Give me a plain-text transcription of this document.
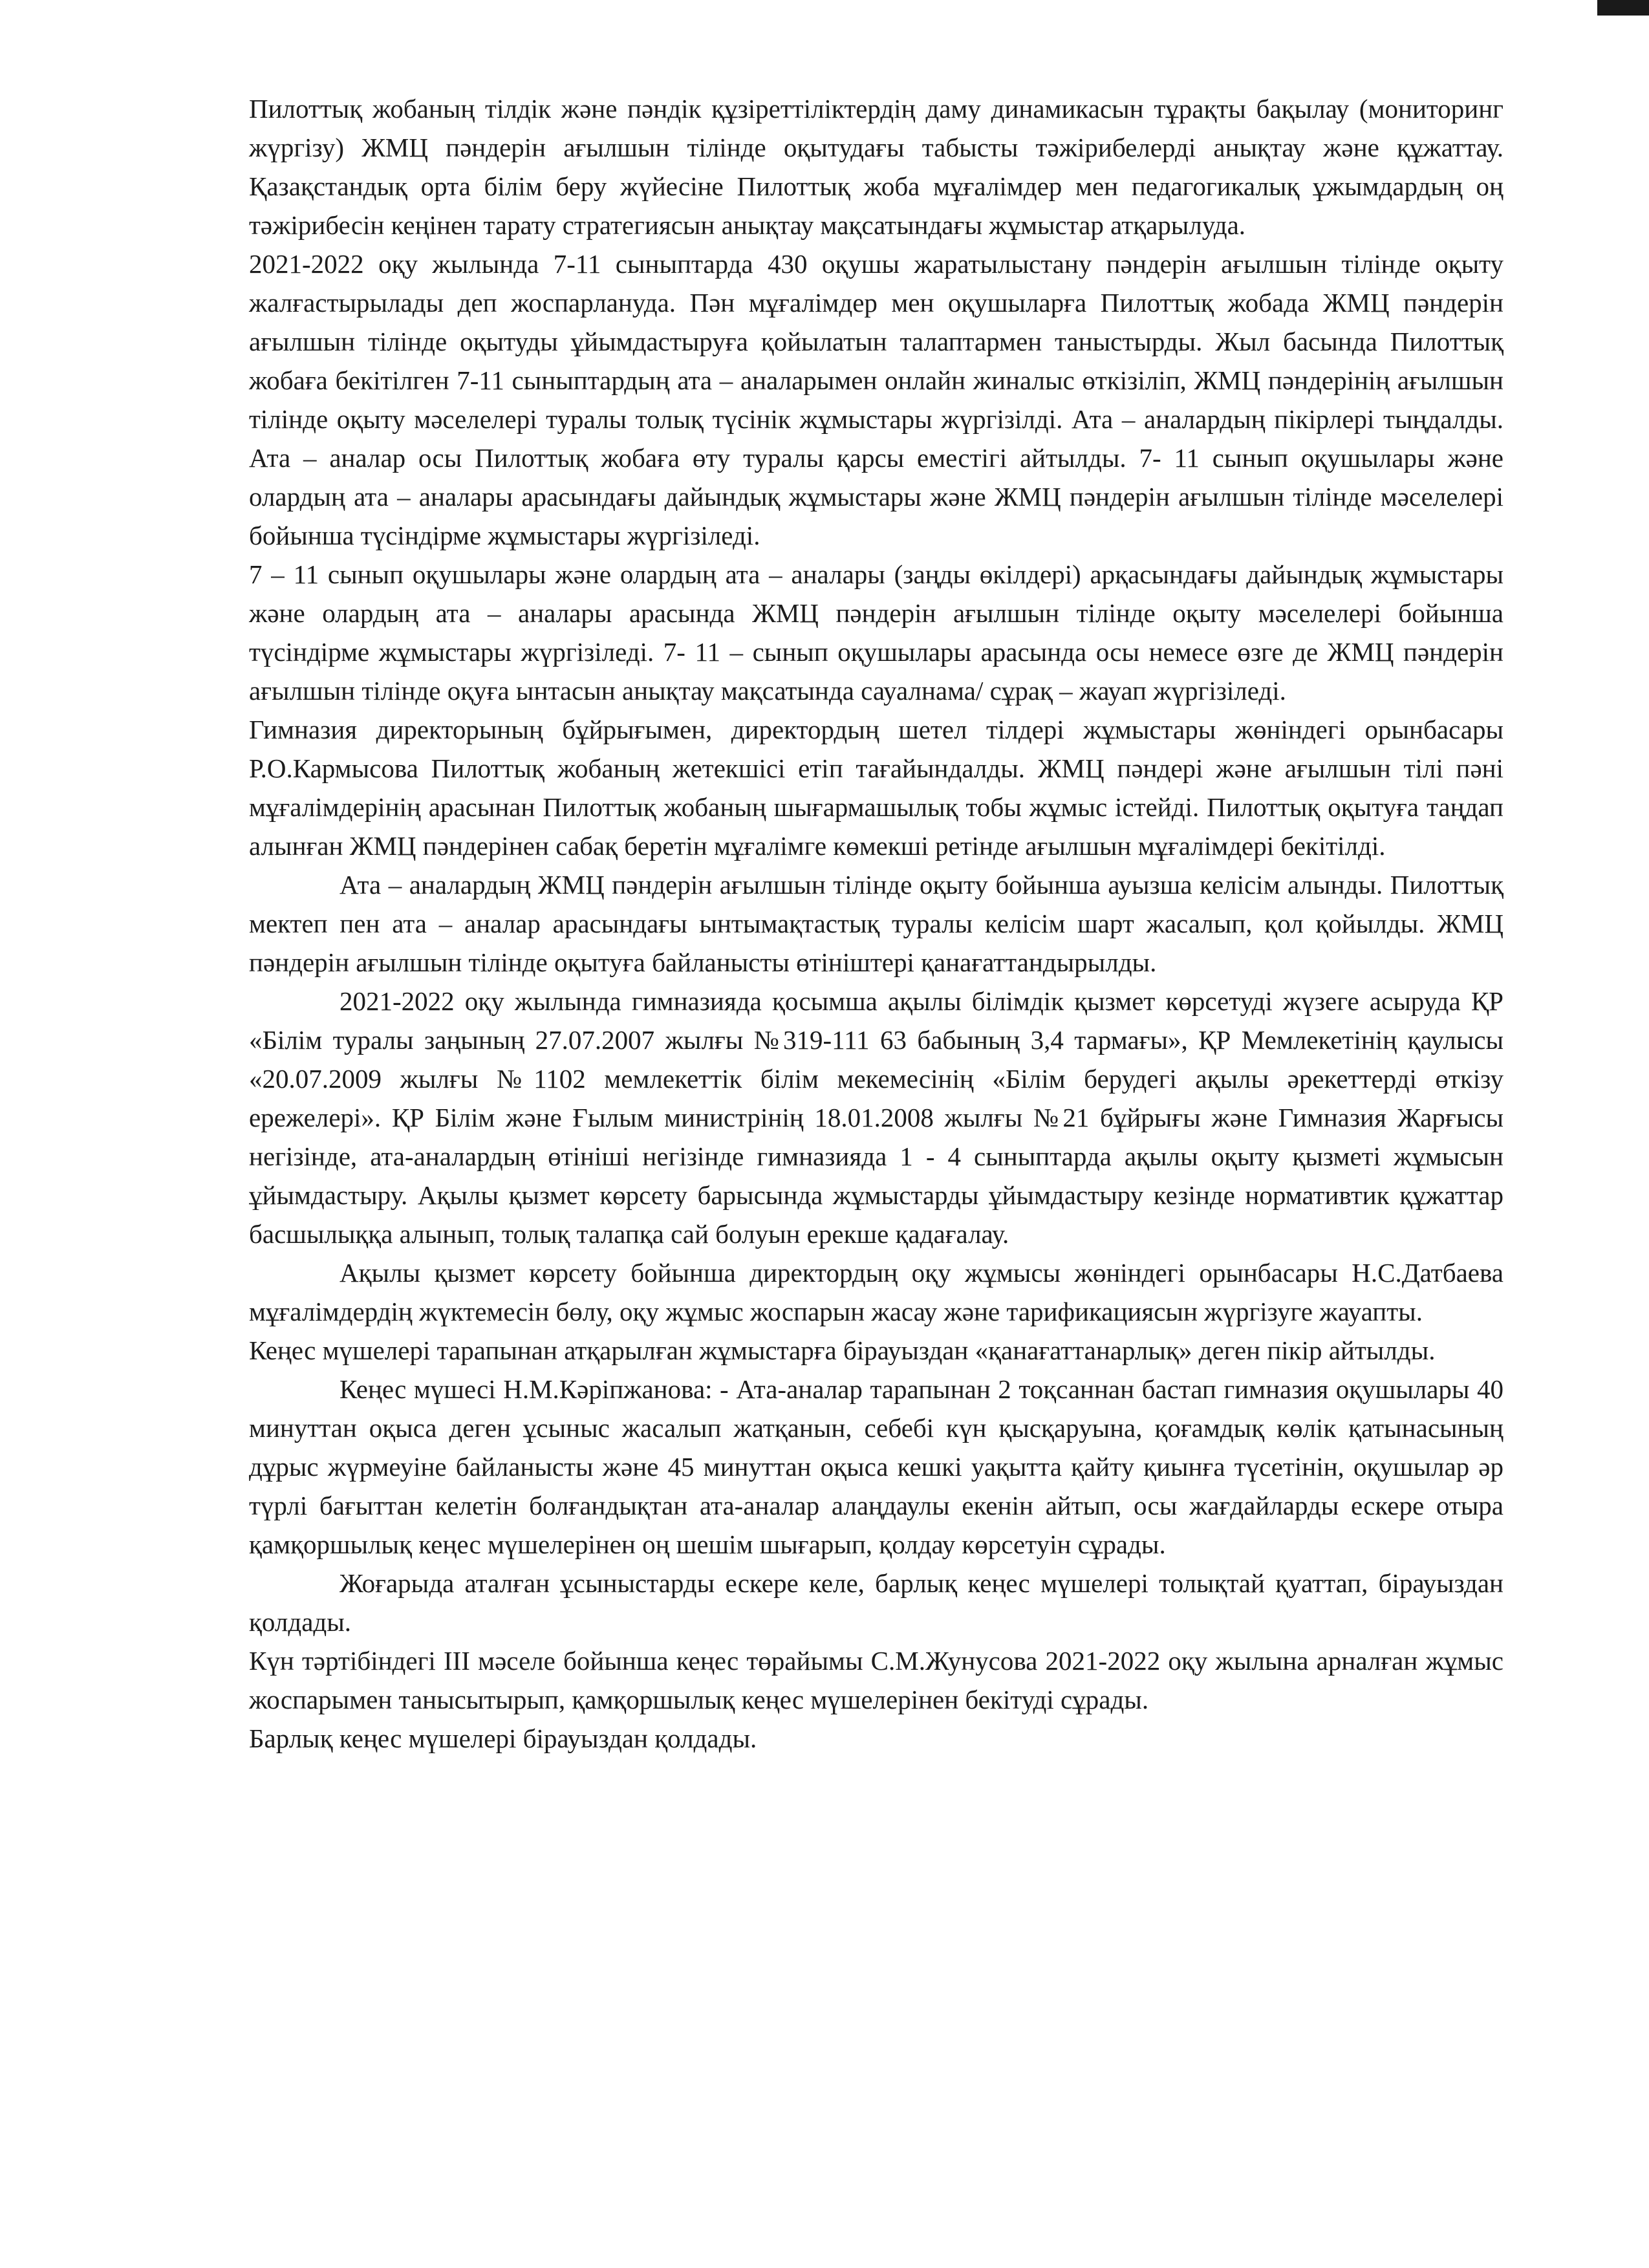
Пилоттық жобаның тілдік және пәндік құзіреттіліктердің даму динамикасын тұрақты бақылау (мониторинг жүргізу) ЖМЦ пәндерін ағылшын тілінде оқытудағы табысты тәжірибелерді анықтау және құжаттау. Қазақстандық орта білім беру жүйесіне Пилоттық жоба мұғалімдер мен педагогикалық ұжымдардың оң тәжірибесін кеңінен тарату стратегиясын анықтау мақсатындағы жұмыстар атқарылуда.

2021-2022 оқу жылында 7-11 сыныптарда 430 оқушы жаратылыстану пәндерін ағылшын тілінде оқыту жалғастырылады деп жоспарлануда. Пән мұғалімдер мен оқушыларға Пилоттық жобада ЖМЦ пәндерін ағылшын тілінде оқытуды ұйымдастыруға қойылатын талаптармен таныстырды. Жыл басында Пилоттық жобаға бекітілген 7-11 сыныптардың ата – аналарымен онлайн жиналыс өткізіліп, ЖМЦ пәндерінің ағылшын тілінде оқыту мәселелері туралы толық түсінік жұмыстары жүргізілді. Ата – аналардың пікірлері тыңдалды. Ата – аналар осы Пилоттық жобаға өту туралы қарсы еместігі айтылды. 7- 11 сынып оқушылары және олардың ата – аналары арасындағы дайындық жұмыстары және ЖМЦ пәндерін ағылшын тілінде мәселелері бойынша түсіндірме жұмыстары жүргізіледі.

7 – 11 сынып оқушылары және олардың ата – аналары (заңды өкілдері) арқасындағы дайындық жұмыстары және олардың ата – аналары арасында ЖМЦ пәндерін ағылшын тілінде оқыту мәселелері бойынша түсіндірме жұмыстары жүргізіледі. 7- 11 – сынып оқушылары арасында осы немесе өзге де ЖМЦ пәндерін ағылшын тілінде оқуға ынтасын анықтау мақсатында сауалнама/ сұрақ – жауап жүргізіледі.

Гимназия директорының бұйрығымен, директордың шетел тілдері жұмыстары жөніндегі орынбасары Р.О.Кармысова Пилоттық жобаның жетекшісі етіп тағайындалды. ЖМЦ пәндері және ағылшын тілі пәні мұғалімдерінің арасынан Пилоттық жобаның шығармашылық тобы жұмыс істейді. Пилоттық оқытуға таңдап алынған ЖМЦ пәндерінен сабақ беретін мұғалімге көмекші ретінде ағылшын мұғалімдері бекітілді.

Ата – аналардың ЖМЦ пәндерін ағылшын тілінде оқыту бойынша ауызша келісім алынды. Пилоттық мектеп пен ата – аналар арасындағы ынтымақтастық туралы келісім шарт жасалып, қол қойылды. ЖМЦ пәндерін ағылшын тілінде оқытуға байланысты өтініштері қанағаттандырылды.

2021-2022 оқу жылында гимназияда қосымша ақылы білімдік қызмет көрсетуді жүзеге асыруда ҚР «Білім туралы заңының 27.07.2007 жылғы №319-111 63 бабының 3,4 тармағы», ҚР Мемлекетінің қаулысы «20.07.2009 жылғы №1102 мемлекеттік білім мекемесінің «Білім берудегі ақылы әрекеттерді өткізу ережелері». ҚР Білім және Ғылым министрінің 18.01.2008 жылғы №21 бұйрығы және Гимназия Жарғысы негізінде, ата-аналардың өтініші негізінде гимназияда 1 - 4 сыныптарда ақылы оқыту қызметі жұмысын ұйымдастыру. Ақылы қызмет көрсету барысында жұмыстарды ұйымдастыру кезінде нормативтик құжаттар басшылыққа алынып, толық талапқа сай болуын ерекше қадағалау.

Ақылы қызмет көрсету бойынша директордың оқу жұмысы жөніндегі орынбасары Н.С.Датбаева мұғалімдердің жүктемесін бөлу, оқу жұмыс жоспарын жасау және тарификациясын жүргізуге жауапты.

Кеңес мүшелері тарапынан атқарылған жұмыстарға бірауыздан «қанағаттанарлық» деген пікір айтылды.

Кеңес мүшесі Н.М.Кәріпжанова: - Ата-аналар тарапынан 2 тоқсаннан бастап гимназия оқушылары 40 минуттан оқыса деген ұсыныс жасалып жатқанын, себебі күн қысқаруына, қоғамдық көлік қатынасының дұрыс жүрмеуіне байланысты және 45 минуттан оқыса кешкі уақытта қайту қиынға түсетінін, оқушылар әр түрлі бағыттан келетін болғандықтан ата-аналар алаңдаулы екенін айтып, осы жағдайларды ескере отыра қамқоршылық кеңес мүшелерінен оң шешім шығарып, қолдау көрсетуін сұрады.

Жоғарыда аталған ұсыныстарды ескере келе, барлық кеңес мүшелері толықтай қуаттап, бірауыздан қолдады.

Күн тәртібіндегі III мәселе бойынша кеңес төрайымы С.М.Жунусова 2021-2022 оқу жылына арналған жұмыс жоспарымен танысытырып, қамқоршылық кеңес мүшелерінен бекітуді сұрады.

Барлық кеңес мүшелері бірауыздан қолдады.
